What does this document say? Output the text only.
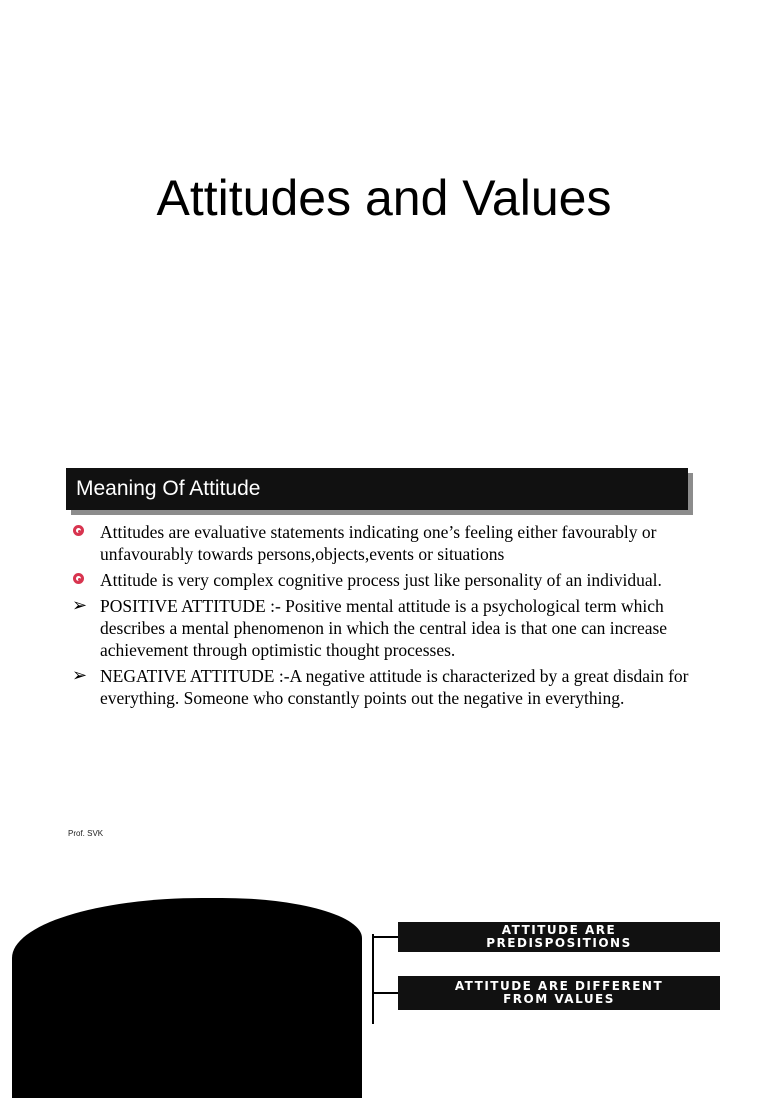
Attitudes and Values
Meaning Of Attitude
Attitudes are evaluative statements indicating one’s feeling either favourably or unfavourably towards persons,objects,events or situations
Attitude is very complex cognitive process just like personality of an individual.
➢ POSITIVE ATTITUDE :- Positive mental attitude is a psychological term which describes a mental phenomenon in which the central idea is that one can increase achievement through optimistic thought processes.
➢ NEGATIVE ATTITUDE :-A negative attitude is characterized by a great disdain for everything. Someone who constantly points out the negative in everything.
Prof. SVK
ATTITUDE ARE
PREDISPOSITIONS
ATTITUDE ARE DIFFERENT
FROM VALUES
